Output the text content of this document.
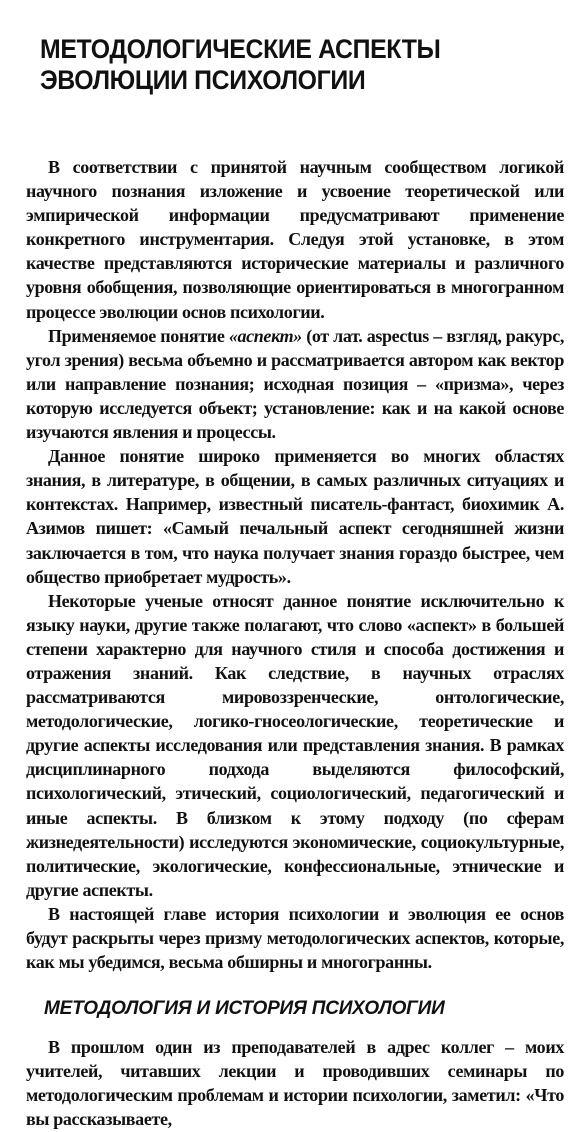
МЕТОДОЛОГИЧЕСКИЕ АСПЕКТЫ
ЭВОЛЮЦИИ ПСИХОЛОГИИ

В соответствии с принятой научным сообществом логикой научного познания изложение и усвоение теоретической или эмпирической информации предусматривают применение конкретного инструментария. Следуя этой установке, в этом качестве представляются исторические материалы и различного уровня обобщения, позволяющие ориентироваться в многогранном процессе эволюции основ психологии.

Применяемое понятие «аспект» (от лат. aspectus – взгляд, ракурс, угол зрения) весьма объемно и рассматривается автором как вектор или направление познания; исходная позиция – «призма», через которую исследуется объект; установление: как и на какой основе изучаются явления и процессы.

Данное понятие широко применяется во многих областях знания, в литературе, в общении, в самых различных ситуациях и контекстах. Например, известный писатель-фантаст, биохимик А. Азимов пишет: «Самый печальный аспект сегодняшней жизни заключается в том, что наука получает знания гораздо быстрее, чем общество приобретает мудрость».

Некоторые ученые относят данное понятие исключительно к языку науки, другие также полагают, что слово «аспект» в большей степени характерно для научного стиля и способа достижения и отражения знаний. Как следствие, в научных отраслях рассматриваются мировоззренческие, онтологические, методологические, логико-гносеологические, теоретические и другие аспекты исследования или представления знания. В рамках дисциплинарного подхода выделяются философский, психологический, этический, социологический, педагогический и иные аспекты. В близком к этому подходу (по сферам жизнедеятельности) исследуются экономические, социокультурные, политические, экологические, конфессиональные, этнические и другие аспекты.

В настоящей главе история психологии и эволюция ее основ будут раскрыты через призму методологических аспектов, которые, как мы убедимся, весьма обширны и многогранны.

МЕТОДОЛОГИЯ И ИСТОРИЯ ПСИХОЛОГИИ

В прошлом один из преподавателей в адрес коллег – моих учителей, читавших лекции и проводивших семинары по методологическим проблемам и истории психологии, заметил: «Что вы рассказываете,
